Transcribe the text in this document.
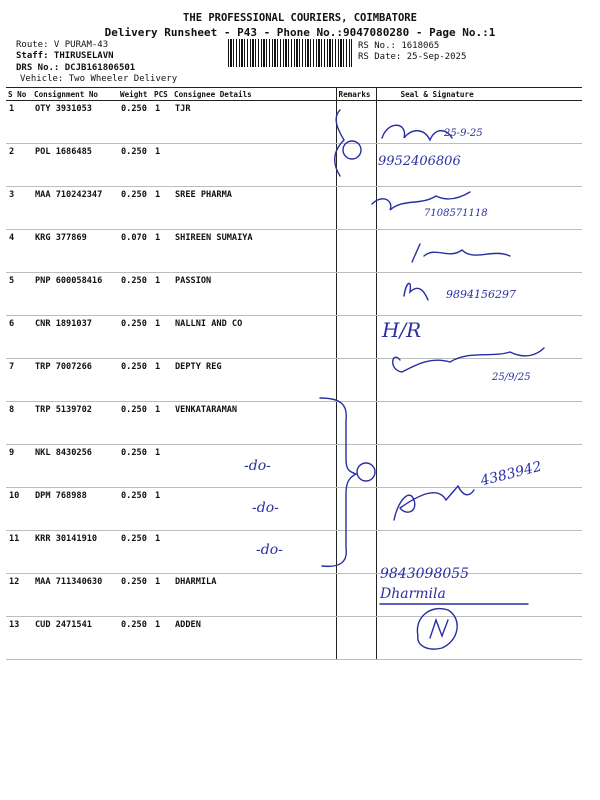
THE PROFESSIONAL COURIERS, COIMBATORE
Delivery Runsheet - P43 - Phone No.:9047080280 - Page No.:1
Route: V PURAM-43
Staff: THIRUSELAVN
DRS No.: DCJB161806501
Vehicle: Two Wheeler Delivery
RS No.: 1618065
RS Date: 25-Sep-2025
S No	Consignment No	Weight	PCS	Consignee Details	Remarks	Seal & Signature
1	OTY 3931053	0.250	1	TJR		
2	POL 1686485	0.250	1			
3	MAA 710242347	0.250	1	SREE PHARMA		
4	KRG 377869	0.070	1	SHIREEN SUMAIYA		
5	PNP 600058416	0.250	1	PASSION		
6	CNR 1891037	0.250	1	NALLNI AND CO		
7	TRP 7007266	0.250	1	DEPTY REG		
8	TRP 5139702	0.250	1	VENKATARAMAN		
9	NKL 8430256	0.250	1			
10	DPM 768988	0.250	1			
11	KRR 30141910	0.250	1			
12	MAA 711340630	0.250	1	DHARMILA		
13	CUD 2471541	0.250	1	ADDEN		
25-9-25
9952406806
7108571118
9894156297
H/R
25/9/25
-do-
-do-
-do-
4383942
9843098055
Dharmila
